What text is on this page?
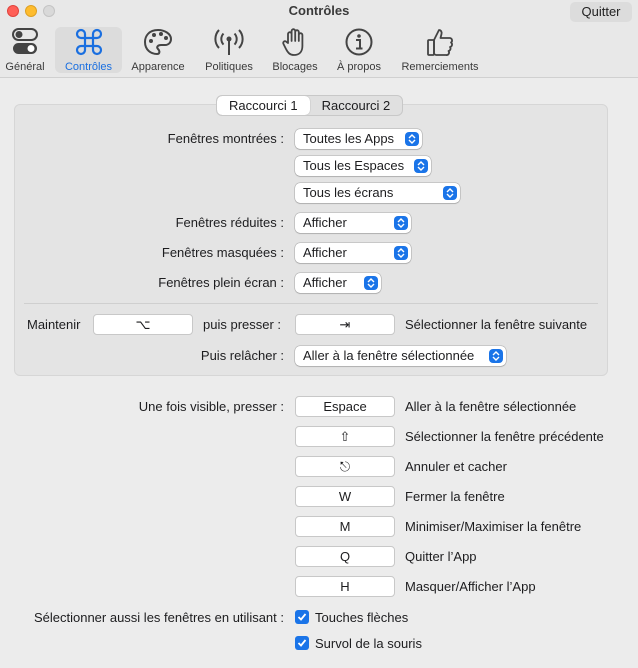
Contrôles	Quitter
Général Contrôles Apparence Politiques Blocages À propos Remerciements
Raccourci 1	Raccourci 2
Fenêtres montrées :	Toutes les Apps
Tous les Espaces
Tous les écrans
Fenêtres réduites :	Afficher
Fenêtres masquées :	Afficher
Fenêtres plein écran :	Afficher
Maintenir	⌥	puis presser :	⇥	Sélectionner la fenêtre suivante
Puis relâcher :	Aller à la fenêtre sélectionnée
Une fois visible, presser :	Espace	Aller à la fenêtre sélectionnée
⇧	Sélectionner la fenêtre précédente
⎋	Annuler et cacher
W	Fermer la fenêtre
M	Minimiser/Maximiser la fenêtre
Q	Quitter l’App
H	Masquer/Afficher l’App
Sélectionner aussi les fenêtres en utilisant : Touches flèches
Survol de la souris
